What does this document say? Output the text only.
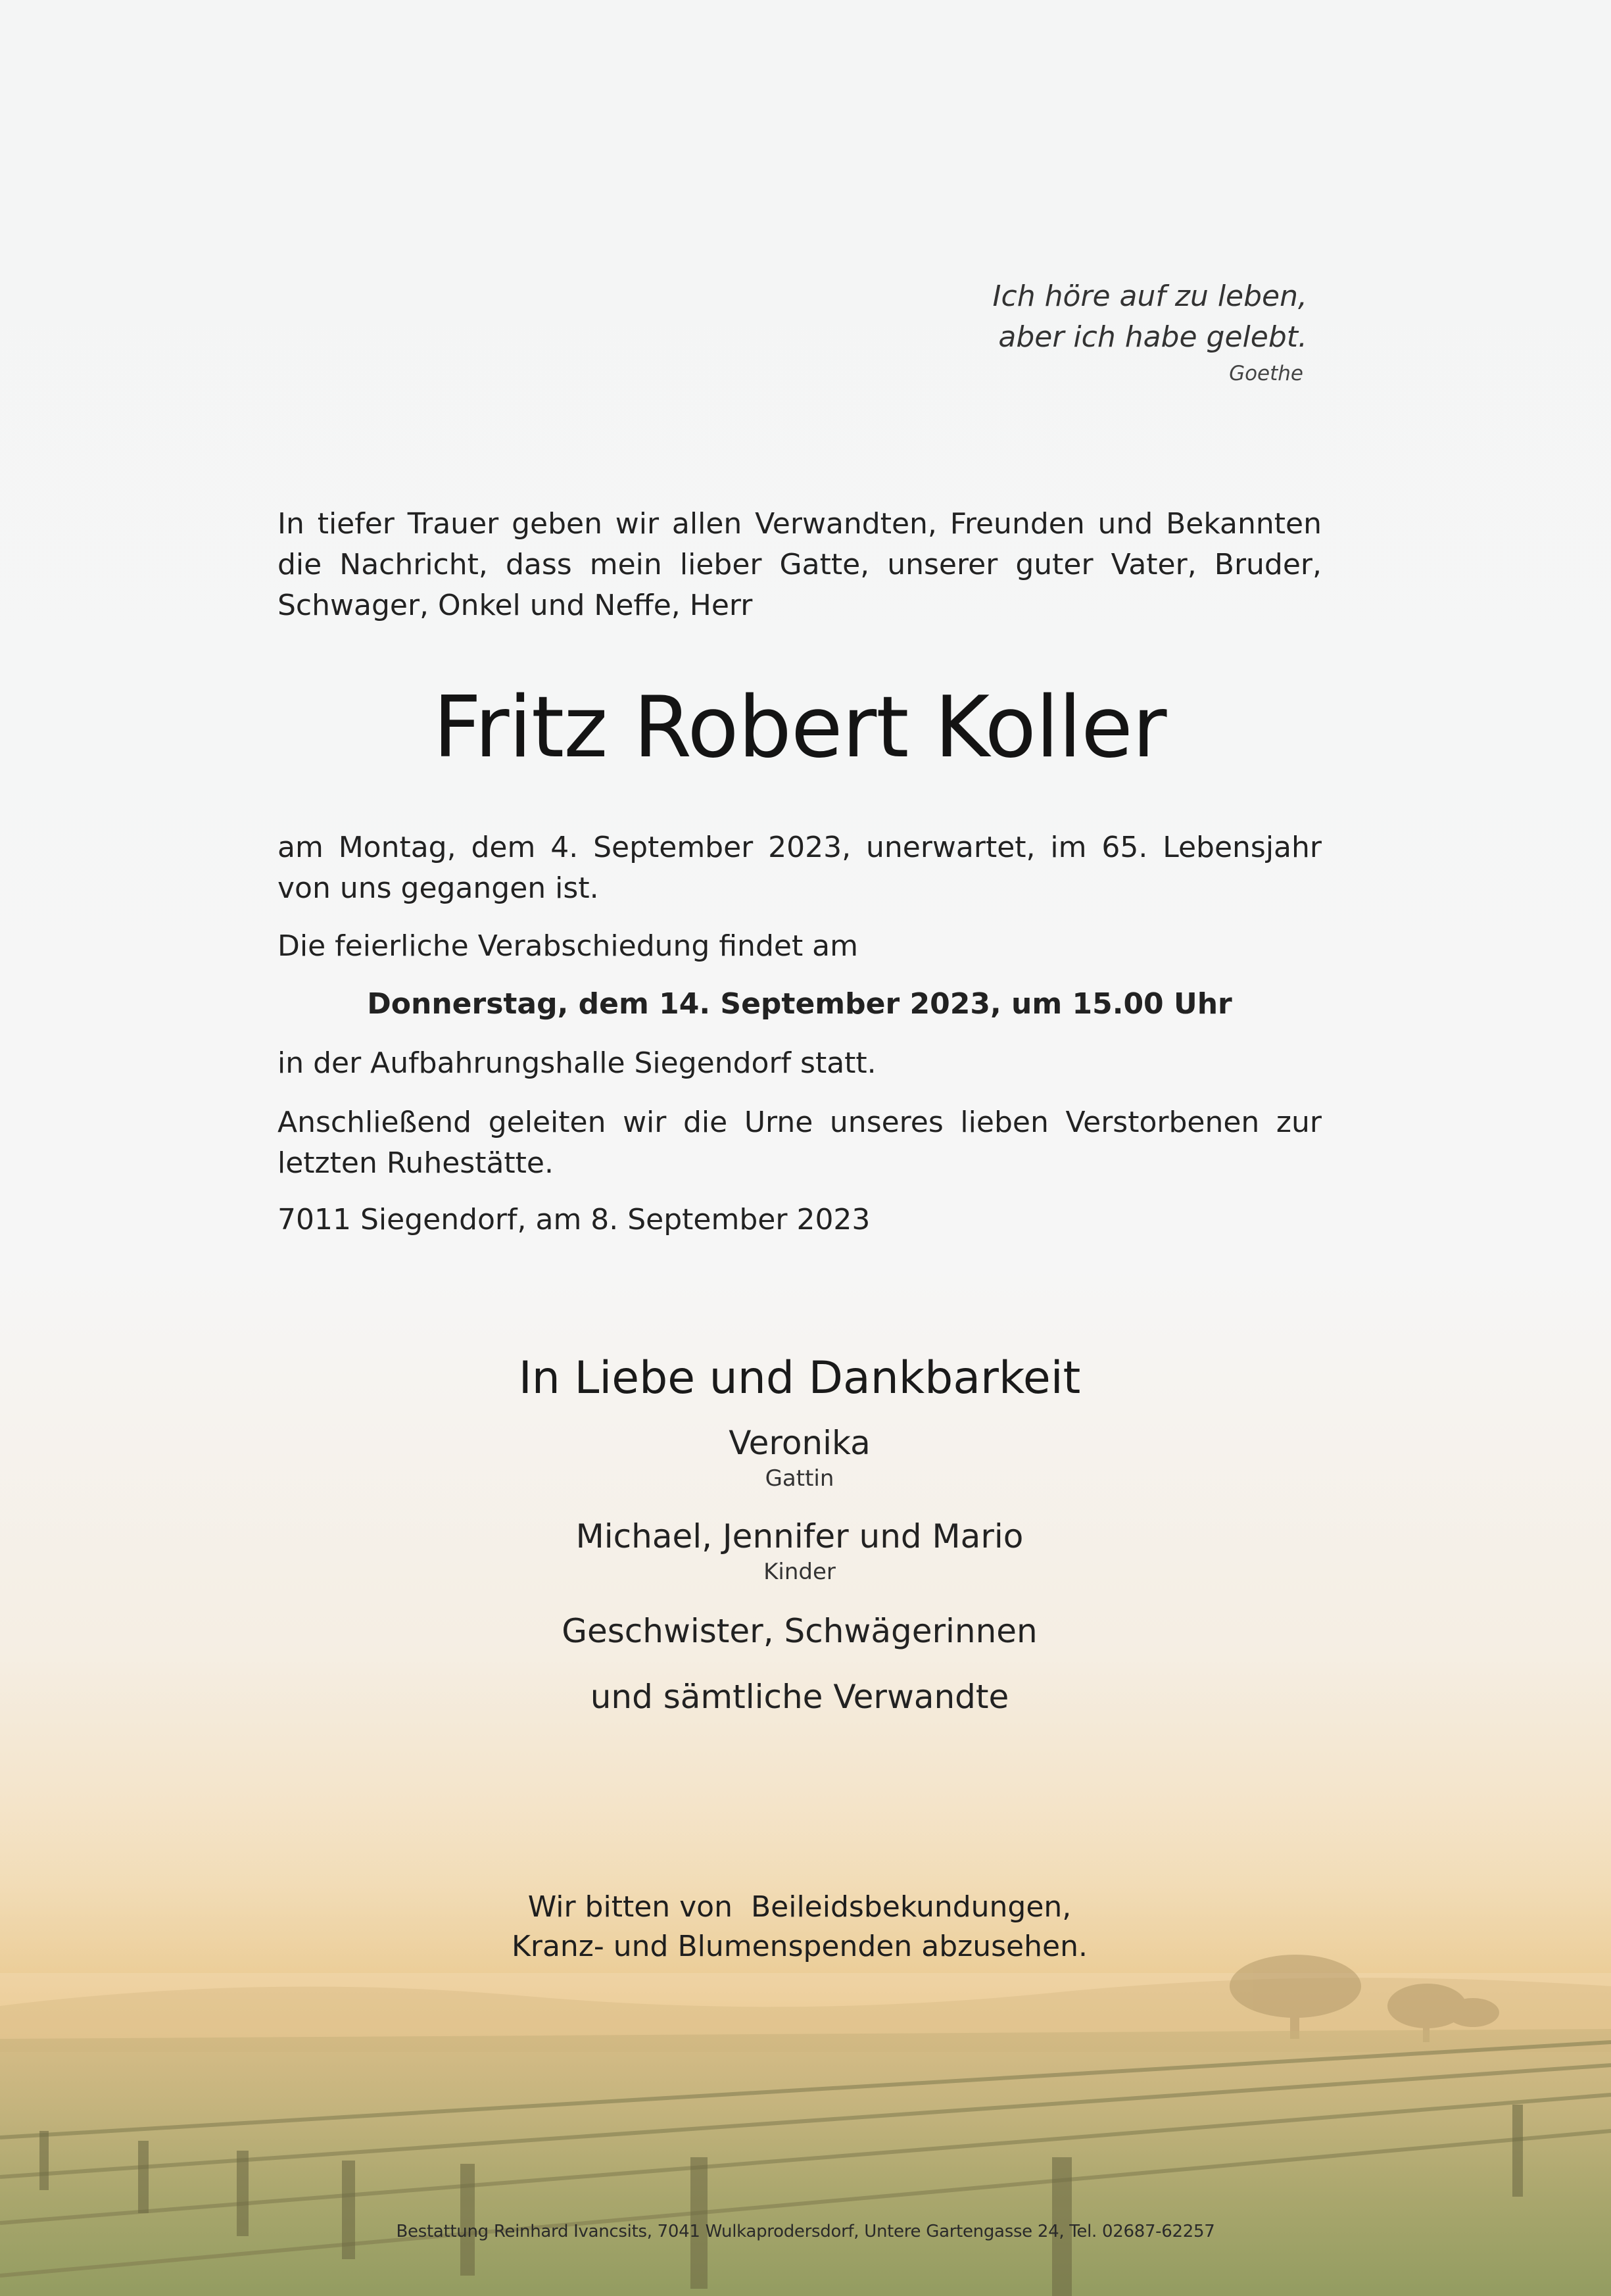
Ich höre auf zu leben,
aber ich habe gelebt.
Goethe

In tiefer Trauer geben wir allen Verwandten, Freunden und Bekannten die Nachricht, dass mein lieber Gatte, unserer guter Vater, Bruder, Schwager, Onkel und Neffe, Herr

Fritz Robert Koller

am Montag, dem 4. September 2023, unerwartet, im 65. Lebensjahr von uns gegangen ist.

Die feierliche Verabschiedung findet am

Donnerstag, dem 14. September 2023, um 15.00 Uhr

in der Aufbahrungshalle Siegendorf statt.

Anschließend geleiten wir die Urne unseres lieben Verstorbenen zur letzten Ruhestätte.

7011 Siegendorf, am 8. September 2023

In Liebe und Dankbarkeit
Veronika
Gattin
Michael, Jennifer und Mario
Kinder
Geschwister, Schwägerinnen
und sämtliche Verwandte
Wir bitten von  Beileidsbekundungen,
Kranz- und Blumenspenden abzusehen.
Bestattung Reinhard Ivancsits, 7041 Wulkaprodersdorf, Untere Gartengasse 24, Tel. 02687-62257
